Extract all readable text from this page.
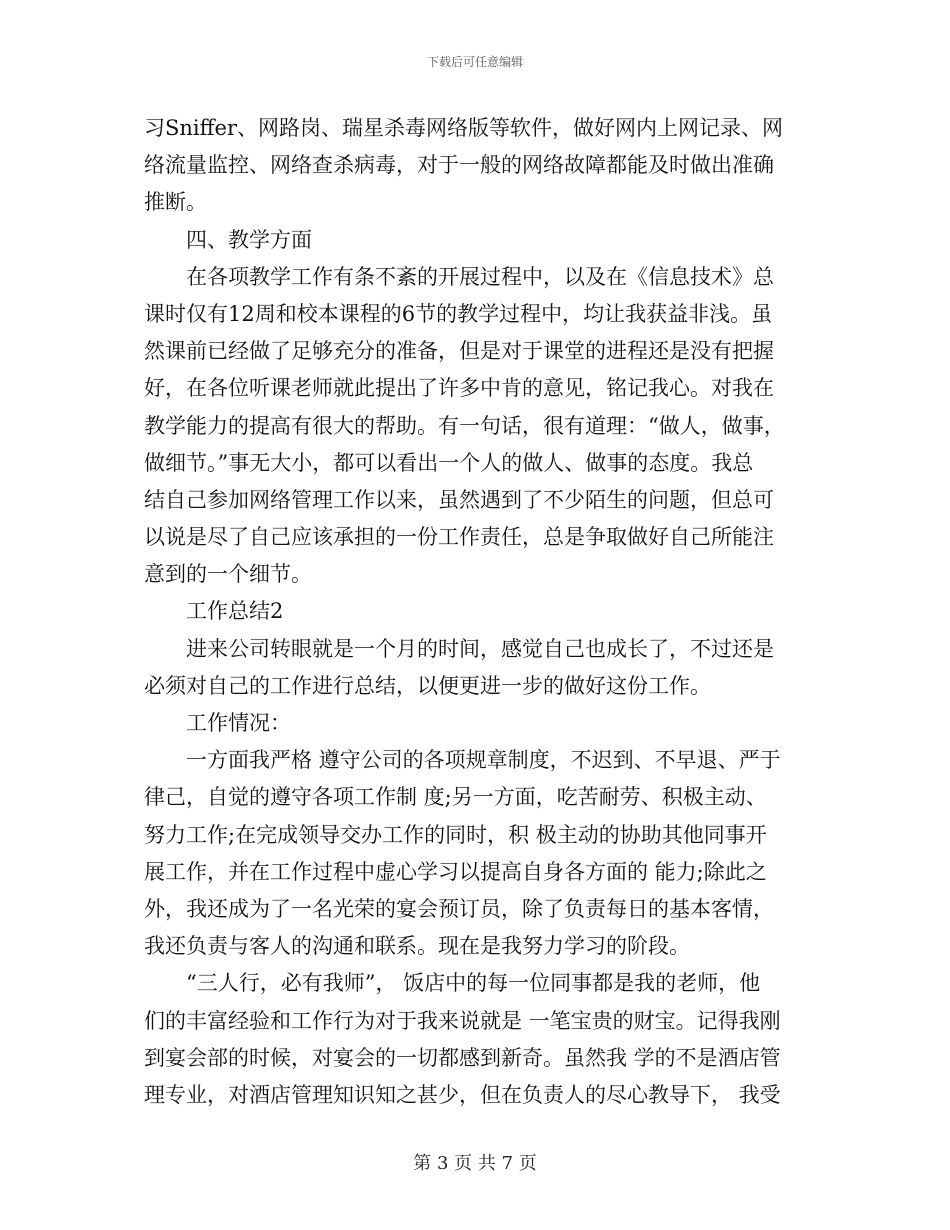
下载后可任意编辑
习Sniffer、网路岗、瑞星杀毒网络版等软件，做好网内上网记录、网
络流量监控、网络查杀病毒，对于一般的网络故障都能及时做出准确
推断。
四、教学方面
在各项教学工作有条不紊的开展过程中，以及在《信息技术》总
课时仅有12周和校本课程的6节的教学过程中，均让我获益非浅。虽
然课前已经做了足够充分的准备，但是对于课堂的进程还是没有把握
好，在各位听课老师就此提出了许多中肯的意见，铭记我心。对我在
教学能力的提高有很大的帮助。有一句话，很有道理：“做人，做事，
做细节。”事无大小，都可以看出一个人的做人、做事的态度。我总
结自己参加网络管理工作以来，虽然遇到了不少陌生的问题，但总可
以说是尽了自己应该承担的一份工作责任，总是争取做好自己所能注
意到的一个细节。
工作总结2
进来公司转眼就是一个月的时间，感觉自己也成长了，不过还是
必须对自己的工作进行总结，以便更进一步的做好这份工作。
工作情况：
一方面我严格 遵守公司的各项规章制度，不迟到、不早退、严于
律己，自觉的遵守各项工作制 度;另一方面，吃苦耐劳、积极主动、
努力工作;在完成领导交办工作的同时，积 极主动的协助其他同事开
展工作，并在工作过程中虚心学习以提高自身各方面的 能力;除此之
外，我还成为了一名光荣的宴会预订员，除了负责每日的基本客情，
我还负责与客人的沟通和联系。现在是我努力学习的阶段。
“三人行，必有我师”， 饭店中的每一位同事都是我的老师，他
们的丰富经验和工作行为对于我来说就是 一笔宝贵的财宝。记得我刚
到宴会部的时候，对宴会的一切都感到新奇。虽然我 学的不是酒店管
理专业，对酒店管理知识知之甚少，但在负责人的尽心教导下， 我受
第 3 页 共 7 页
